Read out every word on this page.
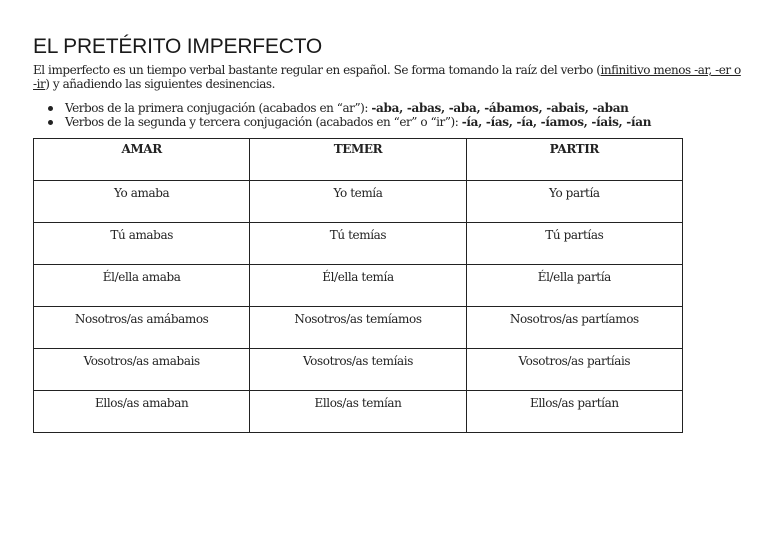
EL PRETÉRITO IMPERFECTO

El imperfecto es un tiempo verbal bastante regular en español. Se forma tomando la raíz del verbo (infinitivo menos -ar, -er o -ir) y añadiendo las siguientes desinencias.

Verbos de la primera conjugación (acabados en “ar”): -aba, -abas, -aba, -ábamos, -abais, -aban
Verbos de la segunda y tercera conjugación (acabados en “er” o “ir”): -ía, -ías, -ía, -íamos, -íais, -ían
AMAR	TEMER	PARTIR
Yo amaba	Yo temía	Yo partía
Tú amabas	Tú temías	Tú partías
Él/ella amaba	Él/ella temía	Él/ella partía
Nosotros/as amábamos	Nosotros/as temíamos	Nosotros/as partíamos
Vosotros/as amabais	Vosotros/as temíais	Vosotros/as partíais
Ellos/as amaban	Ellos/as temían	Ellos/as partían
